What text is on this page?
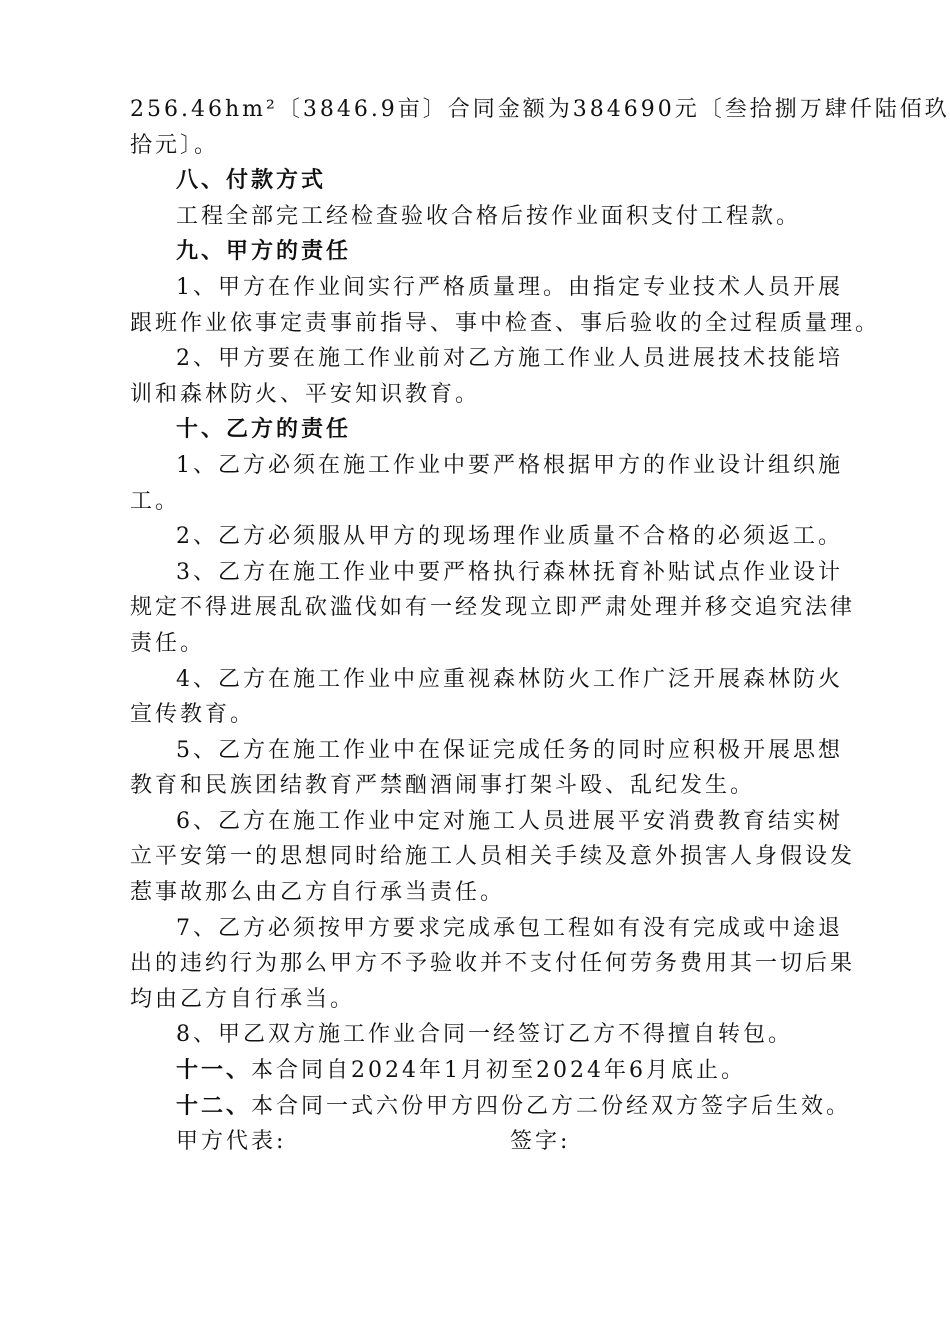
256.46hm²〔3846.9亩〕合同金额为384690元〔叁拾捌万肆仟陆佰玖
拾元〕。
八、付款方式
工程全部完工经检查验收合格后按作业面积支付工程款。
九、甲方的责任
1、甲方在作业间实行严格质量理。由指定专业技术人员开展
跟班作业依事定责事前指导、事中检查、事后验收的全过程质量理。
2、甲方要在施工作业前对乙方施工作业人员进展技术技能培
训和森林防火、平安知识教育。
十、乙方的责任
1、乙方必须在施工作业中要严格根据甲方的作业设计组织施
工。
2、乙方必须服从甲方的现场理作业质量不合格的必须返工。
3、乙方在施工作业中要严格执行森林抚育补贴试点作业设计
规定不得进展乱砍滥伐如有一经发现立即严肃处理并移交追究法律
责任。
4、乙方在施工作业中应重视森林防火工作广泛开展森林防火
宣传教育。
5、乙方在施工作业中在保证完成任务的同时应积极开展思想
教育和民族团结教育严禁酗酒闹事打架斗殴、乱纪发生。
6、乙方在施工作业中定对施工人员进展平安消费教育结实树
立平安第一的思想同时给施工人员相关手续及意外损害人身假设发
惹事故那么由乙方自行承当责任。
7、乙方必须按甲方要求完成承包工程如有没有完成或中途退
出的违约行为那么甲方不予验收并不支付任何劳务费用其一切后果
均由乙方自行承当。
8、甲乙双方施工作业合同一经签订乙方不得擅自转包。
十一、本合同自2024年1月初至2024年6月底止。
十二、本合同一式六份甲方四份乙方二份经双方签字后生效。
甲方代表:	签字:
